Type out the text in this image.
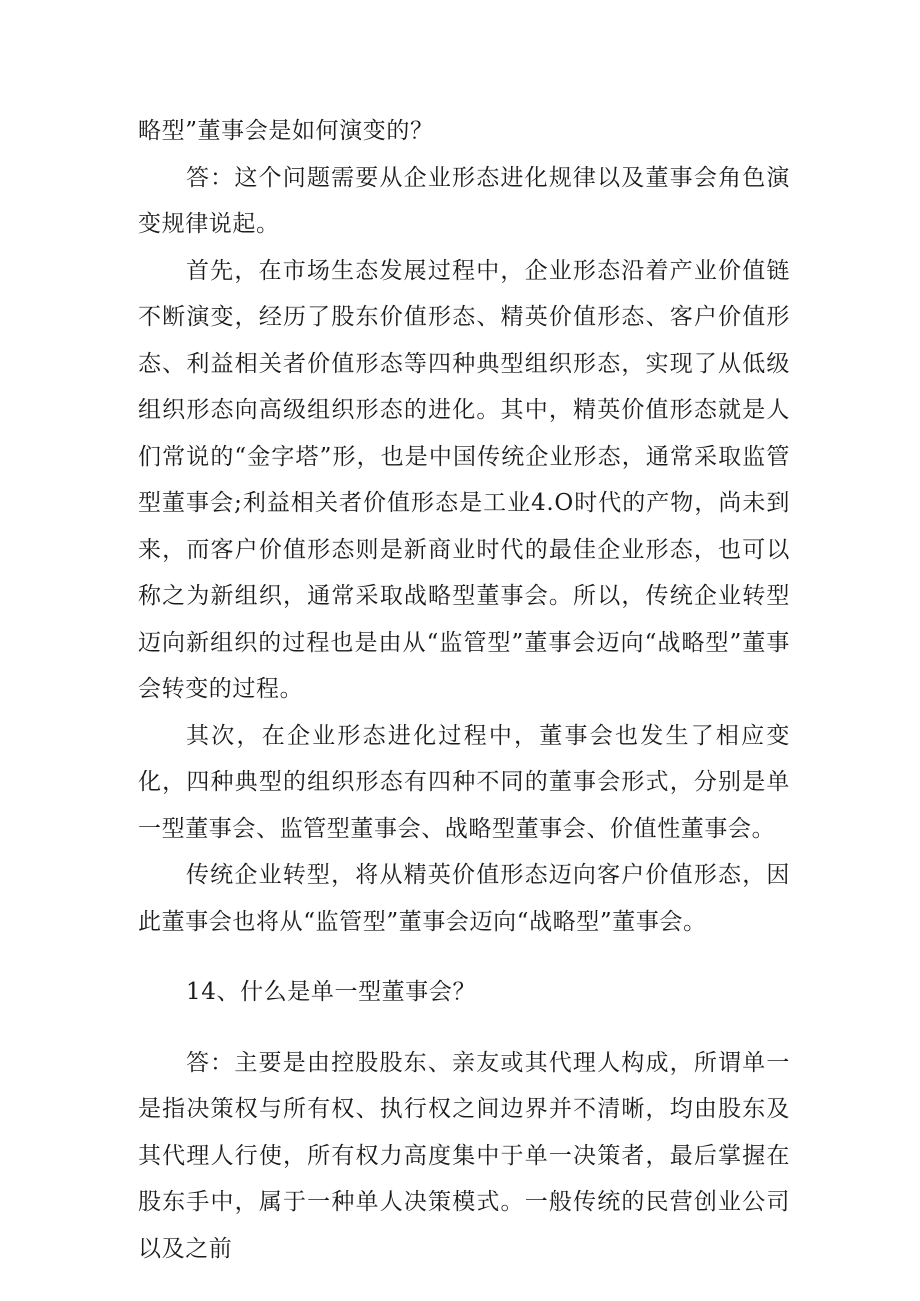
略型”董事会是如何演变的？

答：这个问题需要从企业形态进化规律以及董事会角色演变规律说起。

首先，在市场生态发展过程中，企业形态沿着产业价值链不断演变，经历了股东价值形态、精英价值形态、客户价值形态、利益相关者价值形态等四种典型组织形态，实现了从低级组织形态向高级组织形态的进化。其中，精英价值形态就是人们常说的“金字塔”形，也是中国传统企业形态，通常采取监管型董事会;利益相关者价值形态是工业4.O时代的产物，尚未到来，而客户价值形态则是新商业时代的最佳企业形态，也可以称之为新组织，通常采取战略型董事会。所以，传统企业转型迈向新组织的过程也是由从“监管型”董事会迈向“战略型”董事会转变的过程。

其次，在企业形态进化过程中，董事会也发生了相应变化，四种典型的组织形态有四种不同的董事会形式，分别是单一型董事会、监管型董事会、战略型董事会、价值性董事会。

传统企业转型，将从精英价值形态迈向客户价值形态，因此董事会也将从“监管型”董事会迈向“战略型”董事会。

14、什么是单一型董事会？

答：主要是由控股股东、亲友或其代理人构成，所谓单一是指决策权与所有权、执行权之间边界并不清晰，均由股东及其代理人行使，所有权力高度集中于单一决策者，最后掌握在股东手中，属于一种单人决策模式。一般传统的民营创业公司以及之前
